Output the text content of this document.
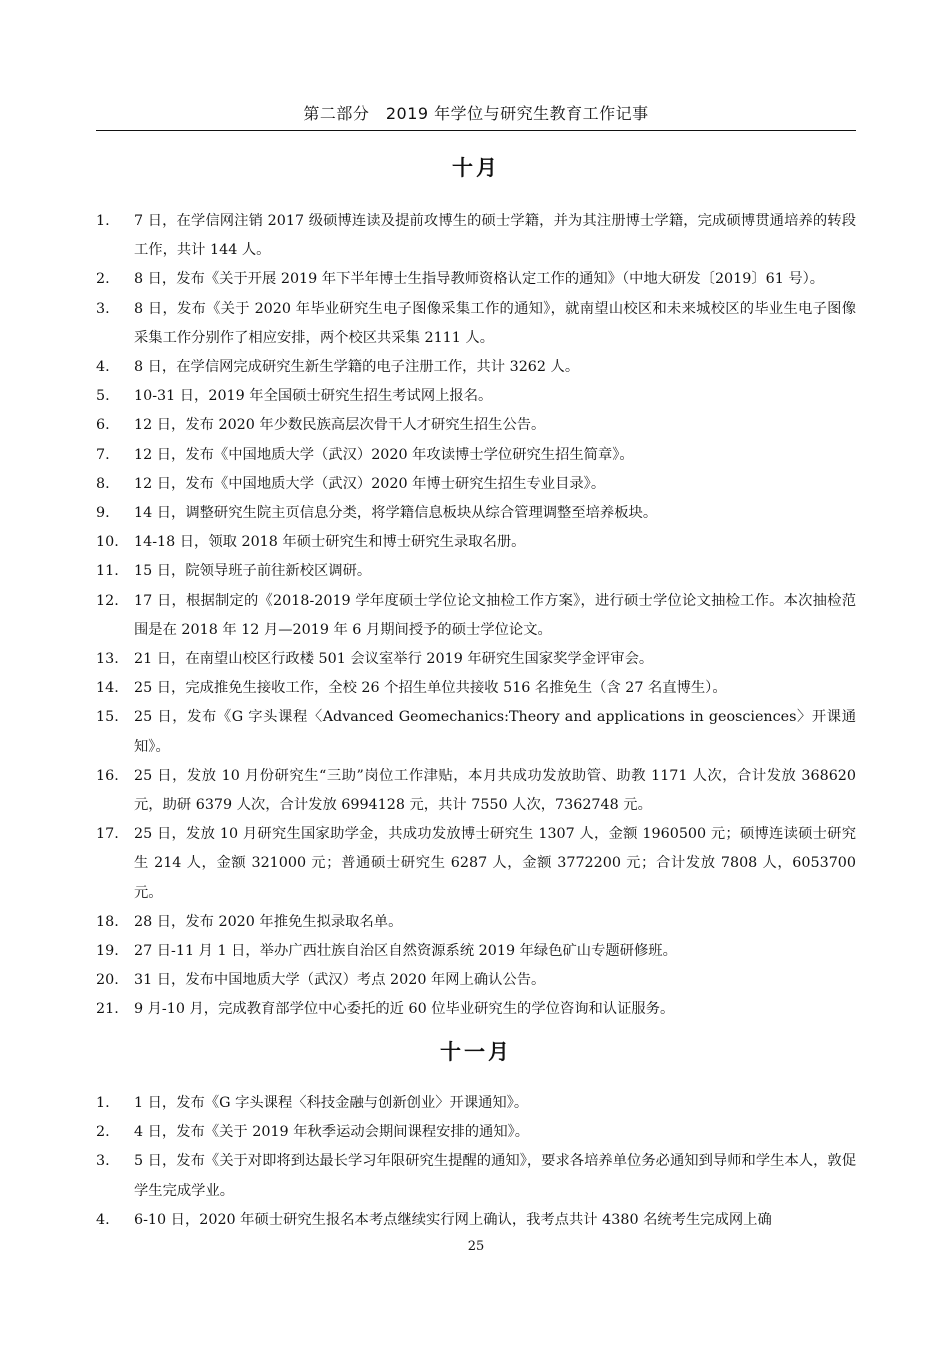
第二部分　2019 年学位与研究生教育工作记事
十月
1.	7 日，在学信网注销 2017 级硕博连读及提前攻博生的硕士学籍，并为其注册博士学籍，完成硕博贯通培养的转段工作，共计 144 人。
2.	8 日，发布《关于开展 2019 年下半年博士生指导教师资格认定工作的通知》（中地大研发〔2019〕61 号）。
3.	8 日，发布《关于 2020 年毕业研究生电子图像采集工作的通知》，就南望山校区和未来城校区的毕业生电子图像采集工作分别作了相应安排，两个校区共采集 2111 人。
4.	8 日，在学信网完成研究生新生学籍的电子注册工作，共计 3262 人。
5.	10-31 日，2019 年全国硕士研究生招生考试网上报名。
6.	12 日，发布 2020 年少数民族高层次骨干人才研究生招生公告。
7.	12 日，发布《中国地质大学（武汉）2020 年攻读博士学位研究生招生简章》。
8.	12 日，发布《中国地质大学（武汉）2020 年博士研究生招生专业目录》。
9.	14 日，调整研究生院主页信息分类，将学籍信息板块从综合管理调整至培养板块。
10.	14-18 日，领取 2018 年硕士研究生和博士研究生录取名册。
11.	15 日，院领导班子前往新校区调研。
12.	17 日，根据制定的《2018-2019 学年度硕士学位论文抽检工作方案》，进行硕士学位论文抽检工作。本次抽检范围是在 2018 年 12 月—2019 年 6 月期间授予的硕士学位论文。
13.	21 日，在南望山校区行政楼 501 会议室举行 2019 年研究生国家奖学金评审会。
14.	25 日，完成推免生接收工作，全校 26 个招生单位共接收 516 名推免生（含 27 名直博生）。
15.	25 日，发布《G 字头课程〈Advanced Geomechanics:Theory and applications in geosciences〉开课通知》。
16.	25 日，发放 10 月份研究生“三助”岗位工作津贴，本月共成功发放助管、助教 1171 人次，合计发放 368620 元，助研 6379 人次，合计发放 6994128 元，共计 7550 人次，7362748 元。
17.	25 日，发放 10 月研究生国家助学金，共成功发放博士研究生 1307 人，金额 1960500 元；硕博连读硕士研究生 214 人，金额 321000 元；普通硕士研究生 6287 人，金额 3772200 元；合计发放 7808 人，6053700 元。
18.	28 日，发布 2020 年推免生拟录取名单。
19.	27 日-11 月 1 日，举办广西壮族自治区自然资源系统 2019 年绿色矿山专题研修班。
20.	31 日，发布中国地质大学（武汉）考点 2020 年网上确认公告。
21.	9 月-10 月，完成教育部学位中心委托的近 60 位毕业研究生的学位咨询和认证服务。
十一月
1.	1 日，发布《G 字头课程〈科技金融与创新创业〉开课通知》。
2.	4 日，发布《关于 2019 年秋季运动会期间课程安排的通知》。
3.	5 日，发布《关于对即将到达最长学习年限研究生提醒的通知》，要求各培养单位务必通知到导师和学生本人，敦促学生完成学业。
4.	6-10 日，2020 年硕士研究生报名本考点继续实行网上确认，我考点共计 4380 名统考生完成网上确
25
